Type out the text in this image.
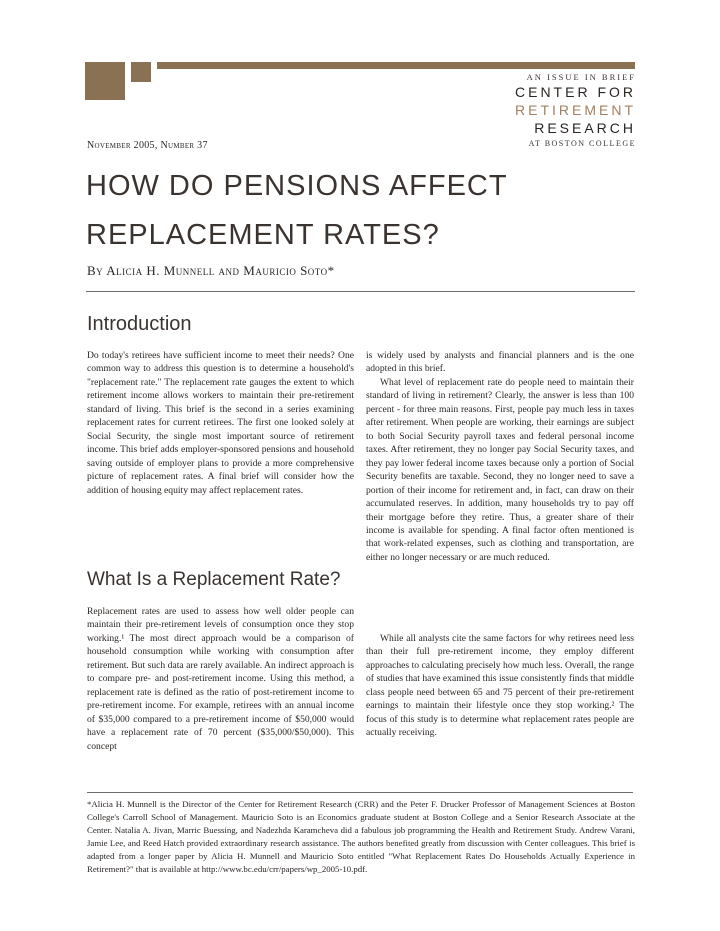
AN ISSUE IN BRIEF
CENTER FOR
RETIREMENT
RESEARCH
AT BOSTON COLLEGE
November 2005, Number 37
HOW DO PENSIONS AFFECT
REPLACEMENT RATES?
By Alicia H. Munnell and Mauricio Soto*
Introduction

Do today's retirees have sufficient income to meet their needs? One common way to address this question is to determine a household's "replacement rate." The replacement rate gauges the extent to which retirement income allows workers to maintain their pre-retirement standard of living. This brief is the second in a series examining replacement rates for current retirees. The first one looked solely at Social Security, the single most important source of retirement income. This brief adds employer-sponsored pensions and household saving outside of employer plans to provide a more comprehensive picture of replacement rates. A final brief will consider how the addition of housing equity may affect replacement rates.

What Is a Replacement Rate?

Replacement rates are used to assess how well older people can maintain their pre-retirement levels of consumption once they stop working.¹ The most direct approach would be a comparison of household consumption while working with consumption after retirement. But such data are rarely available. An indirect approach is to compare pre- and post-retirement income. Using this method, a replacement rate is defined as the ratio of post-retirement income to pre-retirement income. For example, retirees with an annual income of $35,000 compared to a pre-retirement income of $50,000 would have a replacement rate of 70 percent ($35,000/$50,000). This concept

is widely used by analysts and financial planners and is the one adopted in this brief.

What level of replacement rate do people need to maintain their standard of living in retirement? Clearly, the answer is less than 100 percent - for three main reasons. First, people pay much less in taxes after retirement. When people are working, their earnings are subject to both Social Security payroll taxes and federal personal income taxes. After retirement, they no longer pay Social Security taxes, and they pay lower federal income taxes because only a portion of Social Security benefits are taxable. Second, they no longer need to save a portion of their income for retirement and, in fact, can draw on their accumulated reserves. In addition, many households try to pay off their mortgage before they retire. Thus, a greater share of their income is available for spending. A final factor often mentioned is that work-related expenses, such as clothing and transportation, are either no longer necessary or are much reduced.

While all analysts cite the same factors for why retirees need less than their full pre-retirement income, they employ different approaches to calculating precisely how much less. Overall, the range of studies that have examined this issue consistently finds that middle class people need between 65 and 75 percent of their pre-retirement earnings to maintain their lifestyle once they stop working.² The focus of this study is to determine what replacement rates people are actually receiving.

*Alicia H. Munnell is the Director of the Center for Retirement Research (CRR) and the Peter F. Drucker Professor of Management Sciences at Boston College's Carroll School of Management. Mauricio Soto is an Economics graduate student at Boston College and a Senior Research Associate at the Center. Natalia A. Jivan, Marric Buessing, and Nadezhda Karamcheva did a fabulous job programming the Health and Retirement Study. Andrew Varani, Jamie Lee, and Reed Hatch provided extraordinary research assistance. The authors benefited greatly from discussion with Center colleagues. This brief is adapted from a longer paper by Alicia H. Munnell and Mauricio Soto entitled "What Replacement Rates Do Households Actually Experience in Retirement?" that is available at http://www.bc.edu/crr/papers/wp_2005-10.pdf.
